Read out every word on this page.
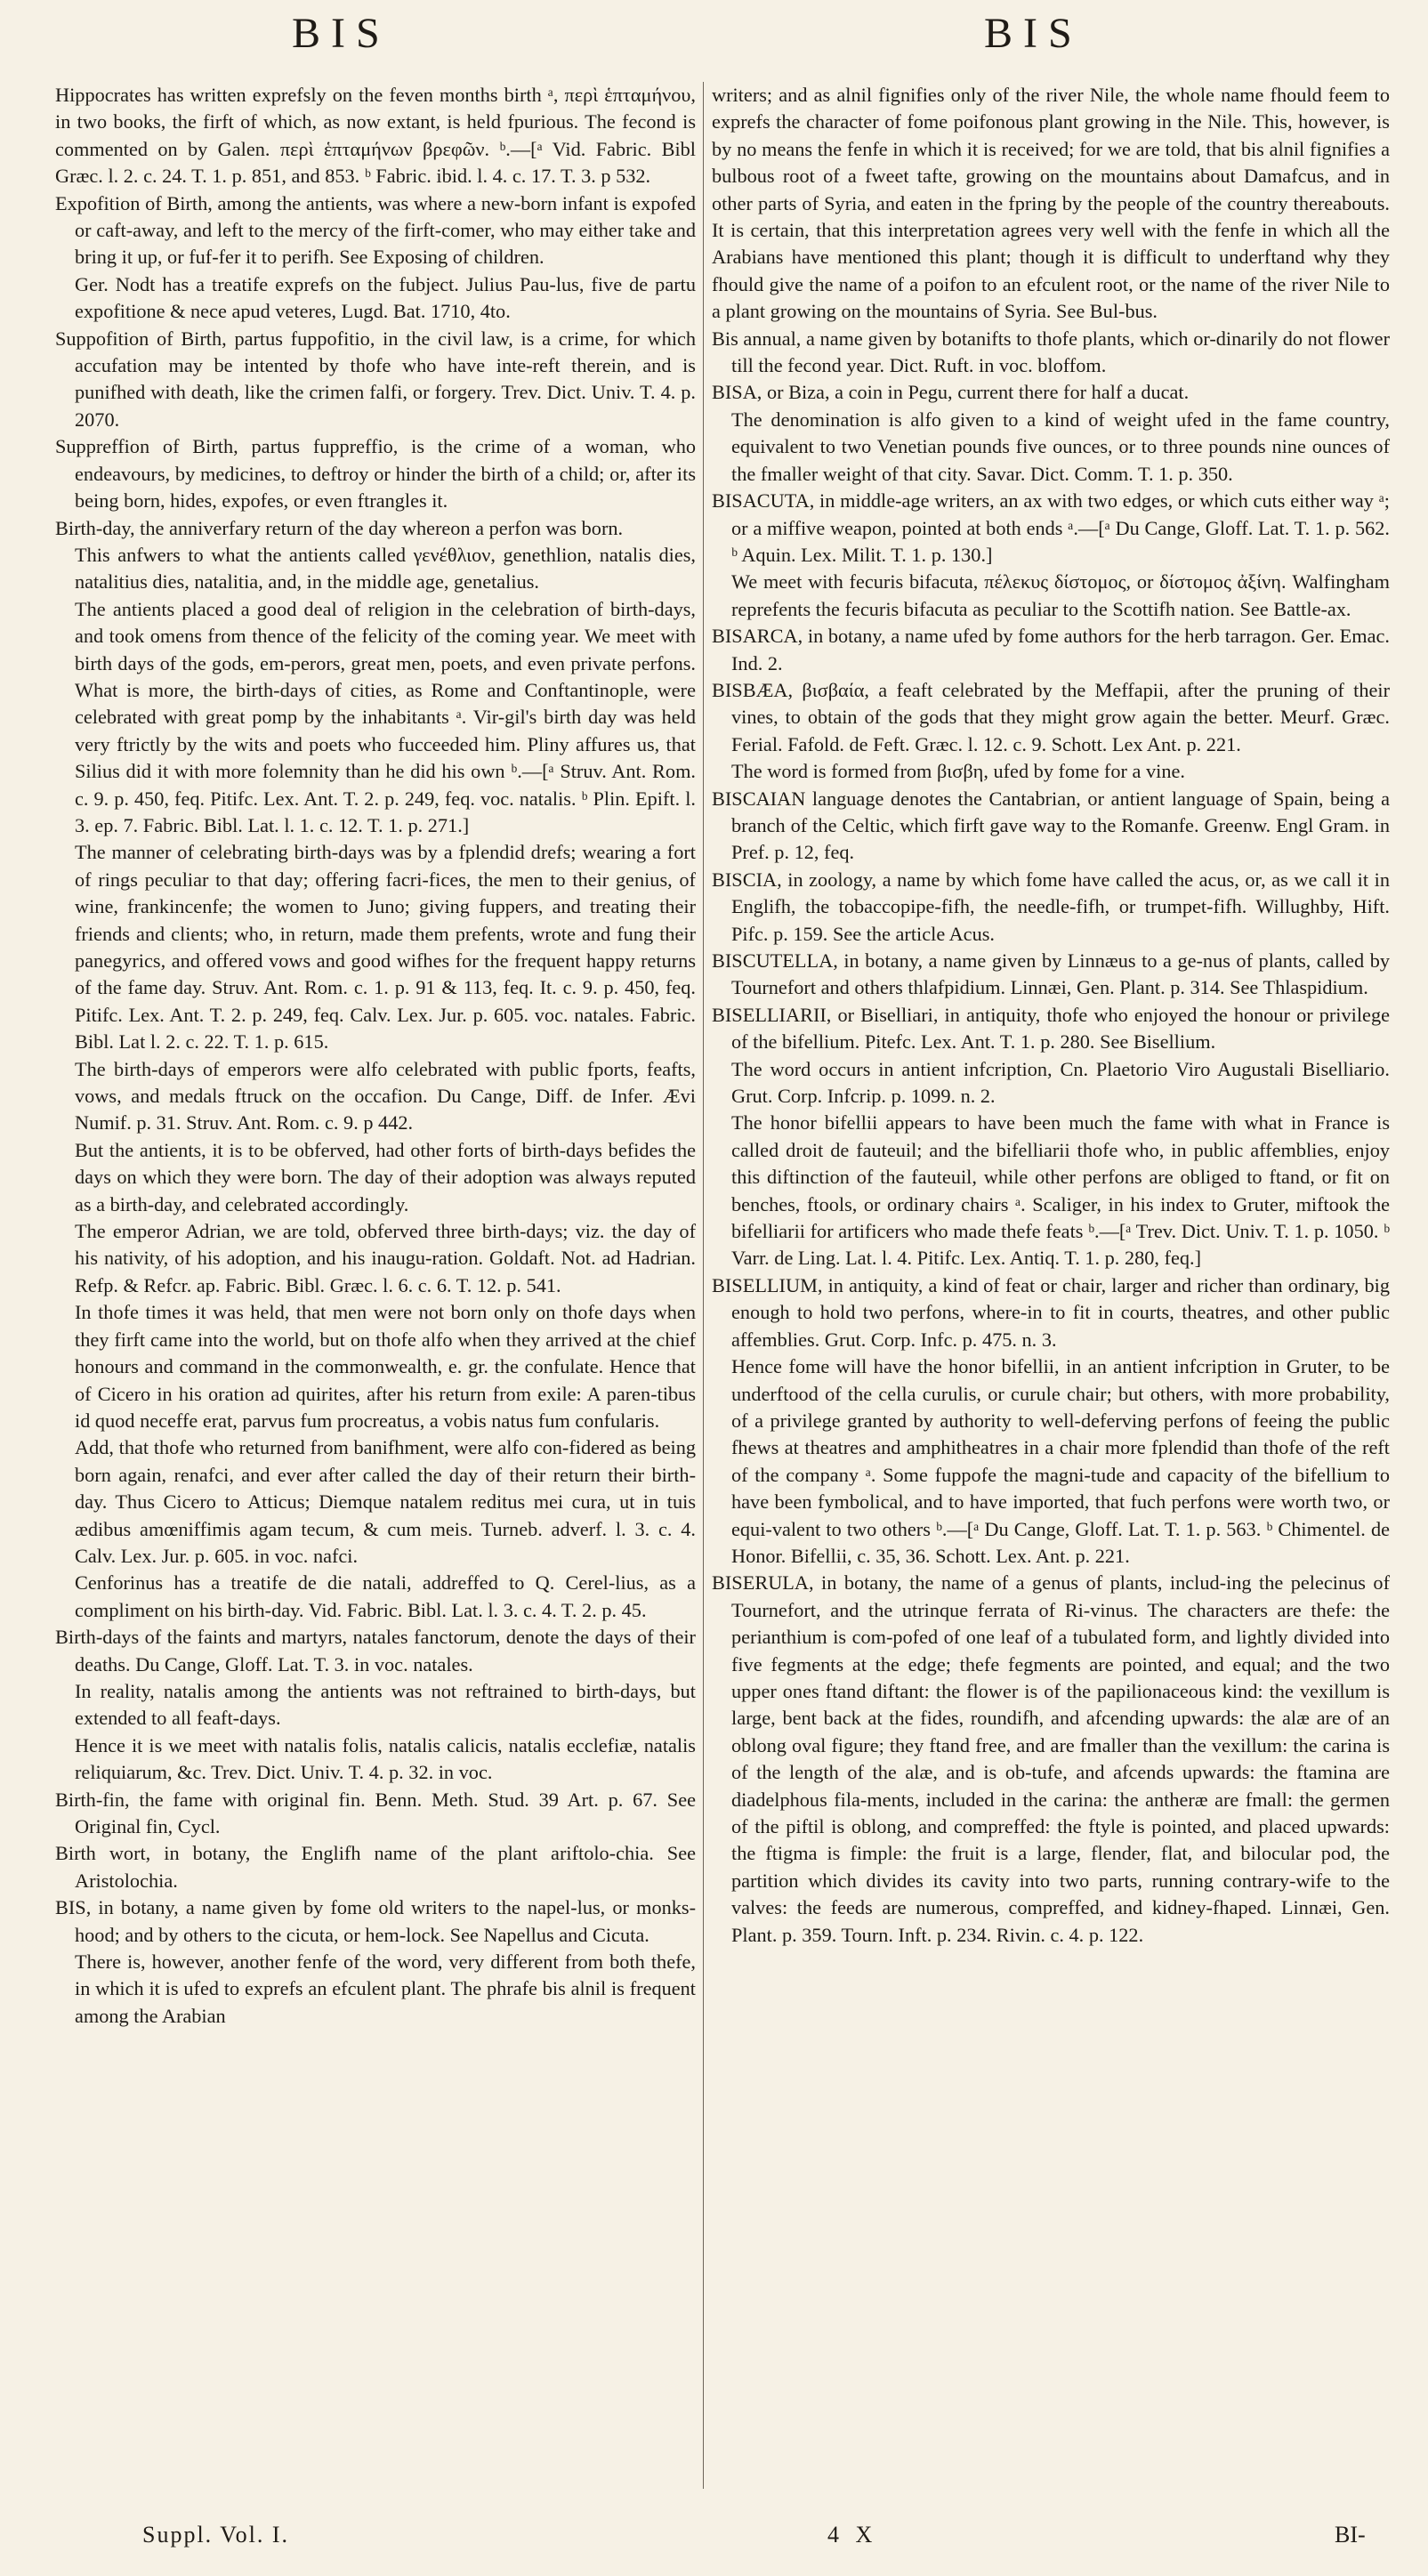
BIS	BIS

Hippocrates has written exprefsly on the feven months birth ᵃ, περὶ ἑπταμήνου, in two books, the firft of which, as now extant, is held fpurious. The fecond is commented on by Galen. περὶ ἑπταμήνων βρεφῶν. ᵇ.—[ᵃ Vid. Fabric. Bibl Græc. l. 2. c. 24. T. 1. p. 851, and 853. ᵇ Fabric. ibid. l. 4. c. 17. T. 3. p 532.

Expofition of Birth, among the antients, was where a new-born infant is expofed or caft-away, and left to the mercy of the firft-comer, who may either take and bring it up, or fuf-fer it to perifh. See Exposing of children.

Ger. Nodt has a treatife exprefs on the fubject. Julius Pau-lus, five de partu expofitione & nece apud veteres, Lugd. Bat. 1710, 4to.

Suppofition of Birth, partus fuppofitio, in the civil law, is a crime, for which accufation may be intented by thofe who have inte-reft therein, and is punifhed with death, like the crimen falfi, or forgery. Trev. Dict. Univ. T. 4. p. 2070.

Suppreffion of Birth, partus fuppreffio, is the crime of a woman, who endeavours, by medicines, to deftroy or hinder the birth of a child; or, after its being born, hides, expofes, or even ftrangles it.

Birth-day, the anniverfary return of the day whereon a perfon was born.

This anfwers to what the antients called γενέθλιον, genethlion, natalis dies, natalitius dies, natalitia, and, in the middle age, genetalius.

The antients placed a good deal of religion in the celebration of birth-days, and took omens from thence of the felicity of the coming year. We meet with birth days of the gods, em-perors, great men, poets, and even private perfons. What is more, the birth-days of cities, as Rome and Conftantinople, were celebrated with great pomp by the inhabitants ᵃ. Vir-gil's birth day was held very ftrictly by the wits and poets who fucceeded him. Pliny affures us, that Silius did it with more folemnity than he did his own ᵇ.—[ᵃ Struv. Ant. Rom. c. 9. p. 450, feq. Pitifc. Lex. Ant. T. 2. p. 249, feq. voc. natalis. ᵇ Plin. Epift. l. 3. ep. 7. Fabric. Bibl. Lat. l. 1. c. 12. T. 1. p. 271.]

The manner of celebrating birth-days was by a fplendid drefs; wearing a fort of rings peculiar to that day; offering facri-fices, the men to their genius, of wine, frankincenfe; the women to Juno; giving fuppers, and treating their friends and clients; who, in return, made them prefents, wrote and fung their panegyrics, and offered vows and good wifhes for the frequent happy returns of the fame day. Struv. Ant. Rom. c. 1. p. 91 & 113, feq. It. c. 9. p. 450, feq. Pitifc. Lex. Ant. T. 2. p. 249, feq. Calv. Lex. Jur. p. 605. voc. natales. Fabric. Bibl. Lat l. 2. c. 22. T. 1. p. 615.

The birth-days of emperors were alfo celebrated with public fports, feafts, vows, and medals ftruck on the occafion. Du Cange, Diff. de Infer. Ævi Numif. p. 31. Struv. Ant. Rom. c. 9. p 442.

But the antients, it is to be obferved, had other forts of birth-days befides the days on which they were born. The day of their adoption was always reputed as a birth-day, and celebrated accordingly.

The emperor Adrian, we are told, obferved three birth-days; viz. the day of his nativity, of his adoption, and his inaugu-ration. Goldaft. Not. ad Hadrian. Refp. & Refcr. ap. Fabric. Bibl. Græc. l. 6. c. 6. T. 12. p. 541.

In thofe times it was held, that men were not born only on thofe days when they firft came into the world, but on thofe alfo when they arrived at the chief honours and command in the commonwealth, e. gr. the confulate. Hence that of Cicero in his oration ad quirites, after his return from exile: A paren-tibus id quod neceffe erat, parvus fum procreatus, a vobis natus fum confularis.

Add, that thofe who returned from banifhment, were alfo con-fidered as being born again, renafci, and ever after called the day of their return their birth-day. Thus Cicero to Atticus; Diemque natalem reditus mei cura, ut in tuis ædibus amœniffimis agam tecum, & cum meis. Turneb. adverf. l. 3. c. 4. Calv. Lex. Jur. p. 605. in voc. nafci.

Cenforinus has a treatife de die natali, addreffed to Q. Cerel-lius, as a compliment on his birth-day. Vid. Fabric. Bibl. Lat. l. 3. c. 4. T. 2. p. 45.

Birth-days of the faints and martyrs, natales fanctorum, denote the days of their deaths. Du Cange, Gloff. Lat. T. 3. in voc. natales.

In reality, natalis among the antients was not reftrained to birth-days, but extended to all feaft-days.

Hence it is we meet with natalis folis, natalis calicis, natalis ecclefiæ, natalis reliquiarum, &c. Trev. Dict. Univ. T. 4. p. 32. in voc.

Birth-fin, the fame with original fin. Benn. Meth. Stud. 39 Art. p. 67. See Original fin, Cycl.

Birth wort, in botany, the Englifh name of the plant ariftolo-chia. See Aristolochia.

BIS, in botany, a name given by fome old writers to the napel-lus, or monks-hood; and by others to the cicuta, or hem-lock. See Napellus and Cicuta.

There is, however, another fenfe of the word, very different from both thefe, in which it is ufed to exprefs an efculent plant. The phrafe bis alnil is frequent among the Arabian

writers; and as alnil fignifies only of the river Nile, the whole name fhould feem to exprefs the character of fome poifonous plant growing in the Nile. This, however, is by no means the fenfe in which it is received; for we are told, that bis alnil fignifies a bulbous root of a fweet tafte, growing on the mountains about Damafcus, and in other parts of Syria, and eaten in the fpring by the people of the country thereabouts. It is certain, that this interpretation agrees very well with the fenfe in which all the Arabians have mentioned this plant; though it is difficult to underftand why they fhould give the name of a poifon to an efculent root, or the name of the river Nile to a plant growing on the mountains of Syria. See Bul-bus.

Bis annual, a name given by botanifts to thofe plants, which or-dinarily do not flower till the fecond year. Dict. Ruft. in voc. bloffom.

BISA, or Biza, a coin in Pegu, current there for half a ducat.

The denomination is alfo given to a kind of weight ufed in the fame country, equivalent to two Venetian pounds five ounces, or to three pounds nine ounces of the fmaller weight of that city. Savar. Dict. Comm. T. 1. p. 350.

BISACUTA, in middle-age writers, an ax with two edges, or which cuts either way ᵃ; or a miffive weapon, pointed at both ends ᵃ.—[ᵃ Du Cange, Gloff. Lat. T. 1. p. 562. ᵇ Aquin. Lex. Milit. T. 1. p. 130.]

We meet with fecuris bifacuta, πέλεκυς δίστομος, or δίστομος ἀξίνη. Walfingham reprefents the fecuris bifacuta as peculiar to the Scottifh nation. See Battle-ax.

BISARCA, in botany, a name ufed by fome authors for the herb tarragon. Ger. Emac. Ind. 2.

BISBÆA, βισβαία, a feaft celebrated by the Meffapii, after the pruning of their vines, to obtain of the gods that they might grow again the better. Meurf. Græc. Ferial. Fafold. de Feft. Græc. l. 12. c. 9. Schott. Lex Ant. p. 221.

The word is formed from βισβη, ufed by fome for a vine.

BISCAIAN language denotes the Cantabrian, or antient language of Spain, being a branch of the Celtic, which firft gave way to the Romanfe. Greenw. Engl Gram. in Pref. p. 12, feq.

BISCIA, in zoology, a name by which fome have called the acus, or, as we call it in Englifh, the tobaccopipe-fifh, the needle-fifh, or trumpet-fifh. Willughby, Hift. Pifc. p. 159. See the article Acus.

BISCUTELLA, in botany, a name given by Linnæus to a ge-nus of plants, called by Tournefort and others thlafpidium. Linnæi, Gen. Plant. p. 314. See Thlaspidium.

BISELLIARII, or Biselliari, in antiquity, thofe who enjoyed the honour or privilege of the bifellium. Pitefc. Lex. Ant. T. 1. p. 280. See Bisellium.

The word occurs in antient infcription, Cn. Plaetorio Viro Augustali Biselliario. Grut. Corp. Infcrip. p. 1099. n. 2.

The honor bifellii appears to have been much the fame with what in France is called droit de fauteuil; and the bifelliarii thofe who, in public affemblies, enjoy this diftinction of the fauteuil, while other perfons are obliged to ftand, or fit on benches, ftools, or ordinary chairs ᵃ. Scaliger, in his index to Gruter, miftook the bifelliarii for artificers who made thefe feats ᵇ.—[ᵃ Trev. Dict. Univ. T. 1. p. 1050. ᵇ Varr. de Ling. Lat. l. 4. Pitifc. Lex. Antiq. T. 1. p. 280, feq.]

BISELLIUM, in antiquity, a kind of feat or chair, larger and richer than ordinary, big enough to hold two perfons, where-in to fit in courts, theatres, and other public affemblies. Grut. Corp. Infc. p. 475. n. 3.

Hence fome will have the honor bifellii, in an antient infcription in Gruter, to be underftood of the cella curulis, or curule chair; but others, with more probability, of a privilege granted by authority to well-deferving perfons of feeing the public fhews at theatres and amphitheatres in a chair more fplendid than thofe of the reft of the company ᵃ. Some fuppofe the magni-tude and capacity of the bifellium to have been fymbolical, and to have imported, that fuch perfons were worth two, or equi-valent to two others ᵇ.—[ᵃ Du Cange, Gloff. Lat. T. 1. p. 563. ᵇ Chimentel. de Honor. Bifellii, c. 35, 36. Schott. Lex. Ant. p. 221.

BISERULA, in botany, the name of a genus of plants, includ-ing the pelecinus of Tournefort, and the utrinque ferrata of Ri-vinus. The characters are thefe: the perianthium is com-pofed of one leaf of a tubulated form, and lightly divided into five fegments at the edge; thefe fegments are pointed, and equal; and the two upper ones ftand diftant: the flower is of the papilionaceous kind: the vexillum is large, bent back at the fides, roundifh, and afcending upwards: the alæ are of an oblong oval figure; they ftand free, and are fmaller than the vexillum: the carina is of the length of the alæ, and is ob-tufe, and afcends upwards: the ftamina are diadelphous fila-ments, included in the carina: the antheræ are fmall: the germen of the piftil is oblong, and compreffed: the ftyle is pointed, and placed upwards: the ftigma is fimple: the fruit is a large, flender, flat, and bilocular pod, the partition which divides its cavity into two parts, running contrary-wife to the valves: the feeds are numerous, compreffed, and kidney-fhaped. Linnæi, Gen. Plant. p. 359. Tourn. Inft. p. 234. Rivin. c. 4. p. 122.

Suppl. Vol. I.	4 X	BI-
